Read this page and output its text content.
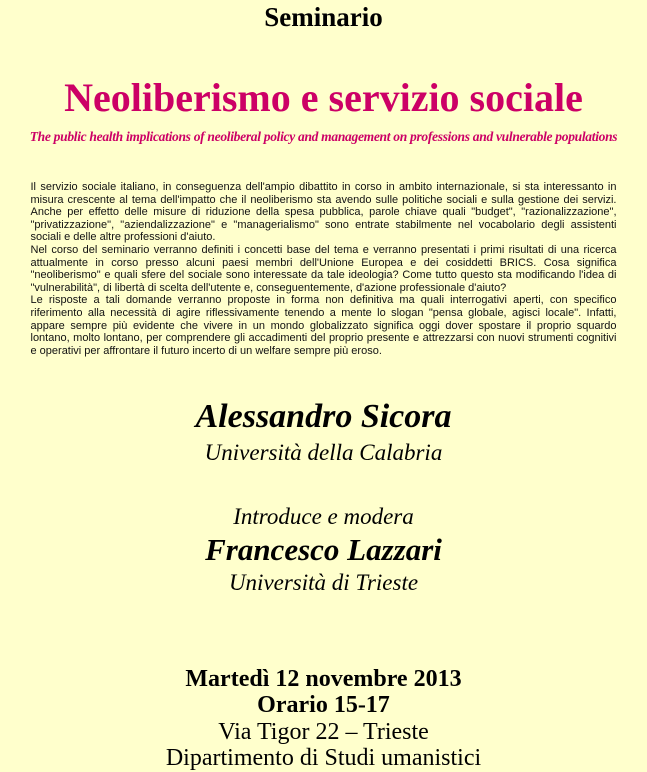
Seminario
Neoliberismo e servizio sociale
The public health implications of neoliberal policy and management on professions and vulnerable populations

Il servizio sociale italiano, in conseguenza dell'ampio dibattito in corso in ambito internazionale, si sta interessanto in misura crescente al tema dell'impatto che il neoliberismo sta avendo sulle politiche sociali e sulla gestione dei servizi. Anche per effetto delle misure di riduzione della spesa pubblica, parole chiave quali "budget", "razionalizzazione", "privatizzazione", "aziendalizzazione" e "managerialismo" sono entrate stabilmente nel vocabolario degli assistenti sociali e delle altre professioni d'aiuto.

Nel corso del seminario verranno definiti i concetti base del tema e verranno presentati i primi risultati di una ricerca attualmente in corso presso alcuni paesi membri dell'Unione Europea e dei cosiddetti BRICS. Cosa significa "neoliberismo" e quali sfere del sociale sono interessate da tale ideologia? Come tutto questo sta modificando l'idea di "vulnerabilità", di libertà di scelta dell'utente e, conseguentemente, d'azione professionale d'aiuto?

Le risposte a tali domande verranno proposte in forma non definitiva ma quali interrogativi aperti, con specifico riferimento alla necessità di agire riflessivamente tenendo a mente lo slogan "pensa globale, agisci locale". Infatti, appare sempre più evidente che vivere in un mondo globalizzato significa oggi dover spostare il proprio squardo lontano, molto lontano, per comprendere gli accadimenti del proprio presente e attrezzarsi con nuovi strumenti cognitivi e operativi per affrontare il futuro incerto di un welfare sempre più eroso.

Alessandro Sicora
Università della Calabria
Introduce e modera
Francesco Lazzari
Università di Trieste
Martedì 12 novembre 2013
Orario 15-17
Via Tigor 22 – Trieste
Dipartimento di Studi umanistici
